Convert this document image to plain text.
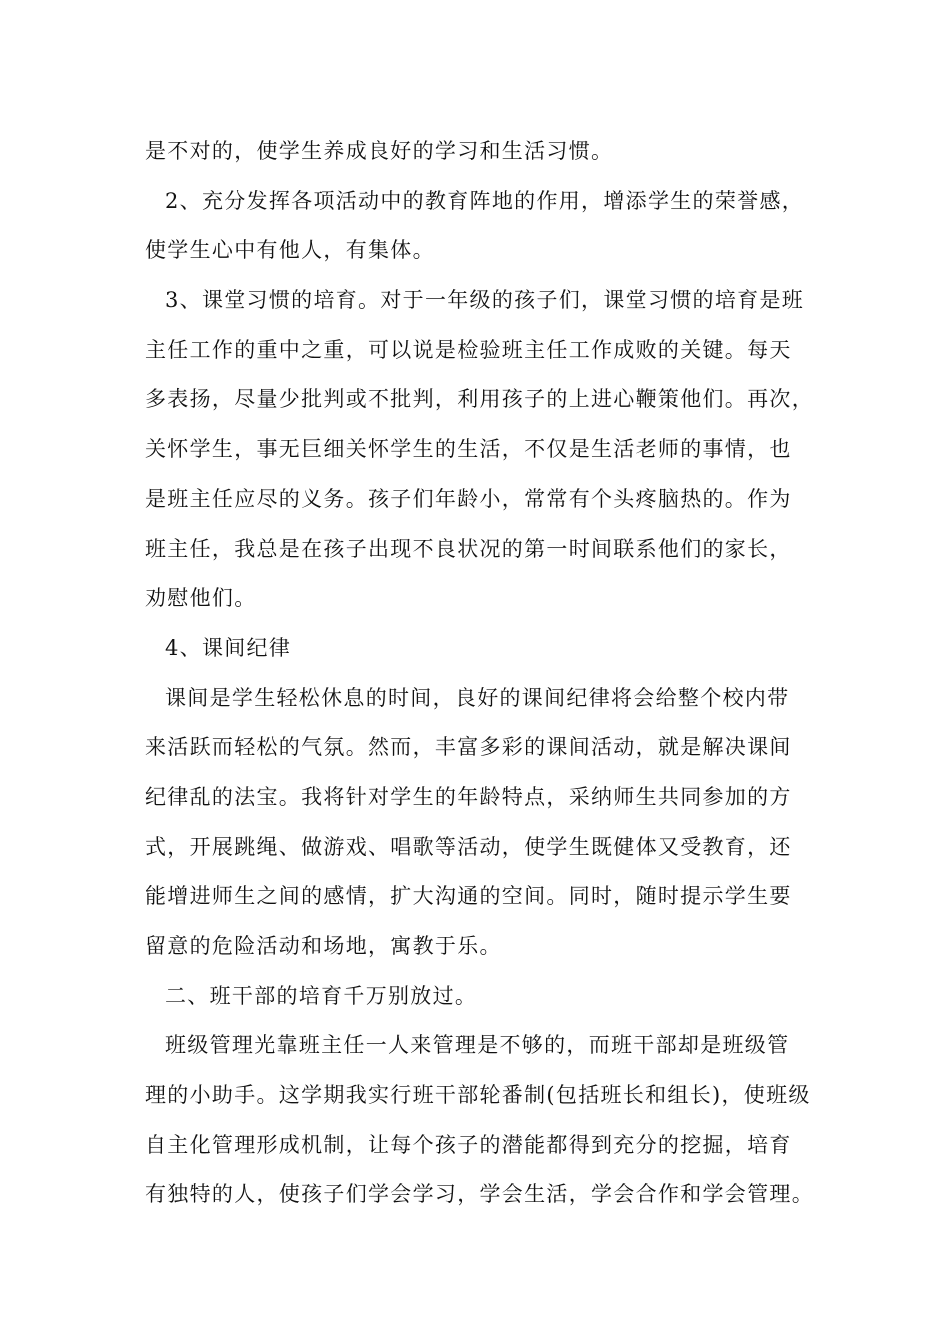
是不对的，使学生养成良好的学习和生活习惯。
2、充分发挥各项活动中的教育阵地的作用，增添学生的荣誉感，
使学生心中有他人，有集体。
3、课堂习惯的培育。对于一年级的孩子们，课堂习惯的培育是班
主任工作的重中之重，可以说是检验班主任工作成败的关键。每天
多表扬，尽量少批判或不批判，利用孩子的上进心鞭策他们。再次，
关怀学生，事无巨细关怀学生的生活，不仅是生活老师的事情，也
是班主任应尽的义务。孩子们年龄小，常常有个头疼脑热的。作为
班主任，我总是在孩子出现不良状况的第一时间联系他们的家长，
劝慰他们。
4、课间纪律
课间是学生轻松休息的时间，良好的课间纪律将会给整个校内带
来活跃而轻松的气氛。然而，丰富多彩的课间活动，就是解决课间
纪律乱的法宝。我将针对学生的年龄特点，采纳师生共同参加的方
式，开展跳绳、做游戏、唱歌等活动，使学生既健体又受教育，还
能增进师生之间的感情，扩大沟通的空间。同时，随时提示学生要
留意的危险活动和场地，寓教于乐。
二、班干部的培育千万别放过。
班级管理光靠班主任一人来管理是不够的，而班干部却是班级管
理的小助手。这学期我实行班干部轮番制(包括班长和组长)，使班级
自主化管理形成机制，让每个孩子的潜能都得到充分的挖掘，培育
有独特的人，使孩子们学会学习，学会生活，学会合作和学会管理。
